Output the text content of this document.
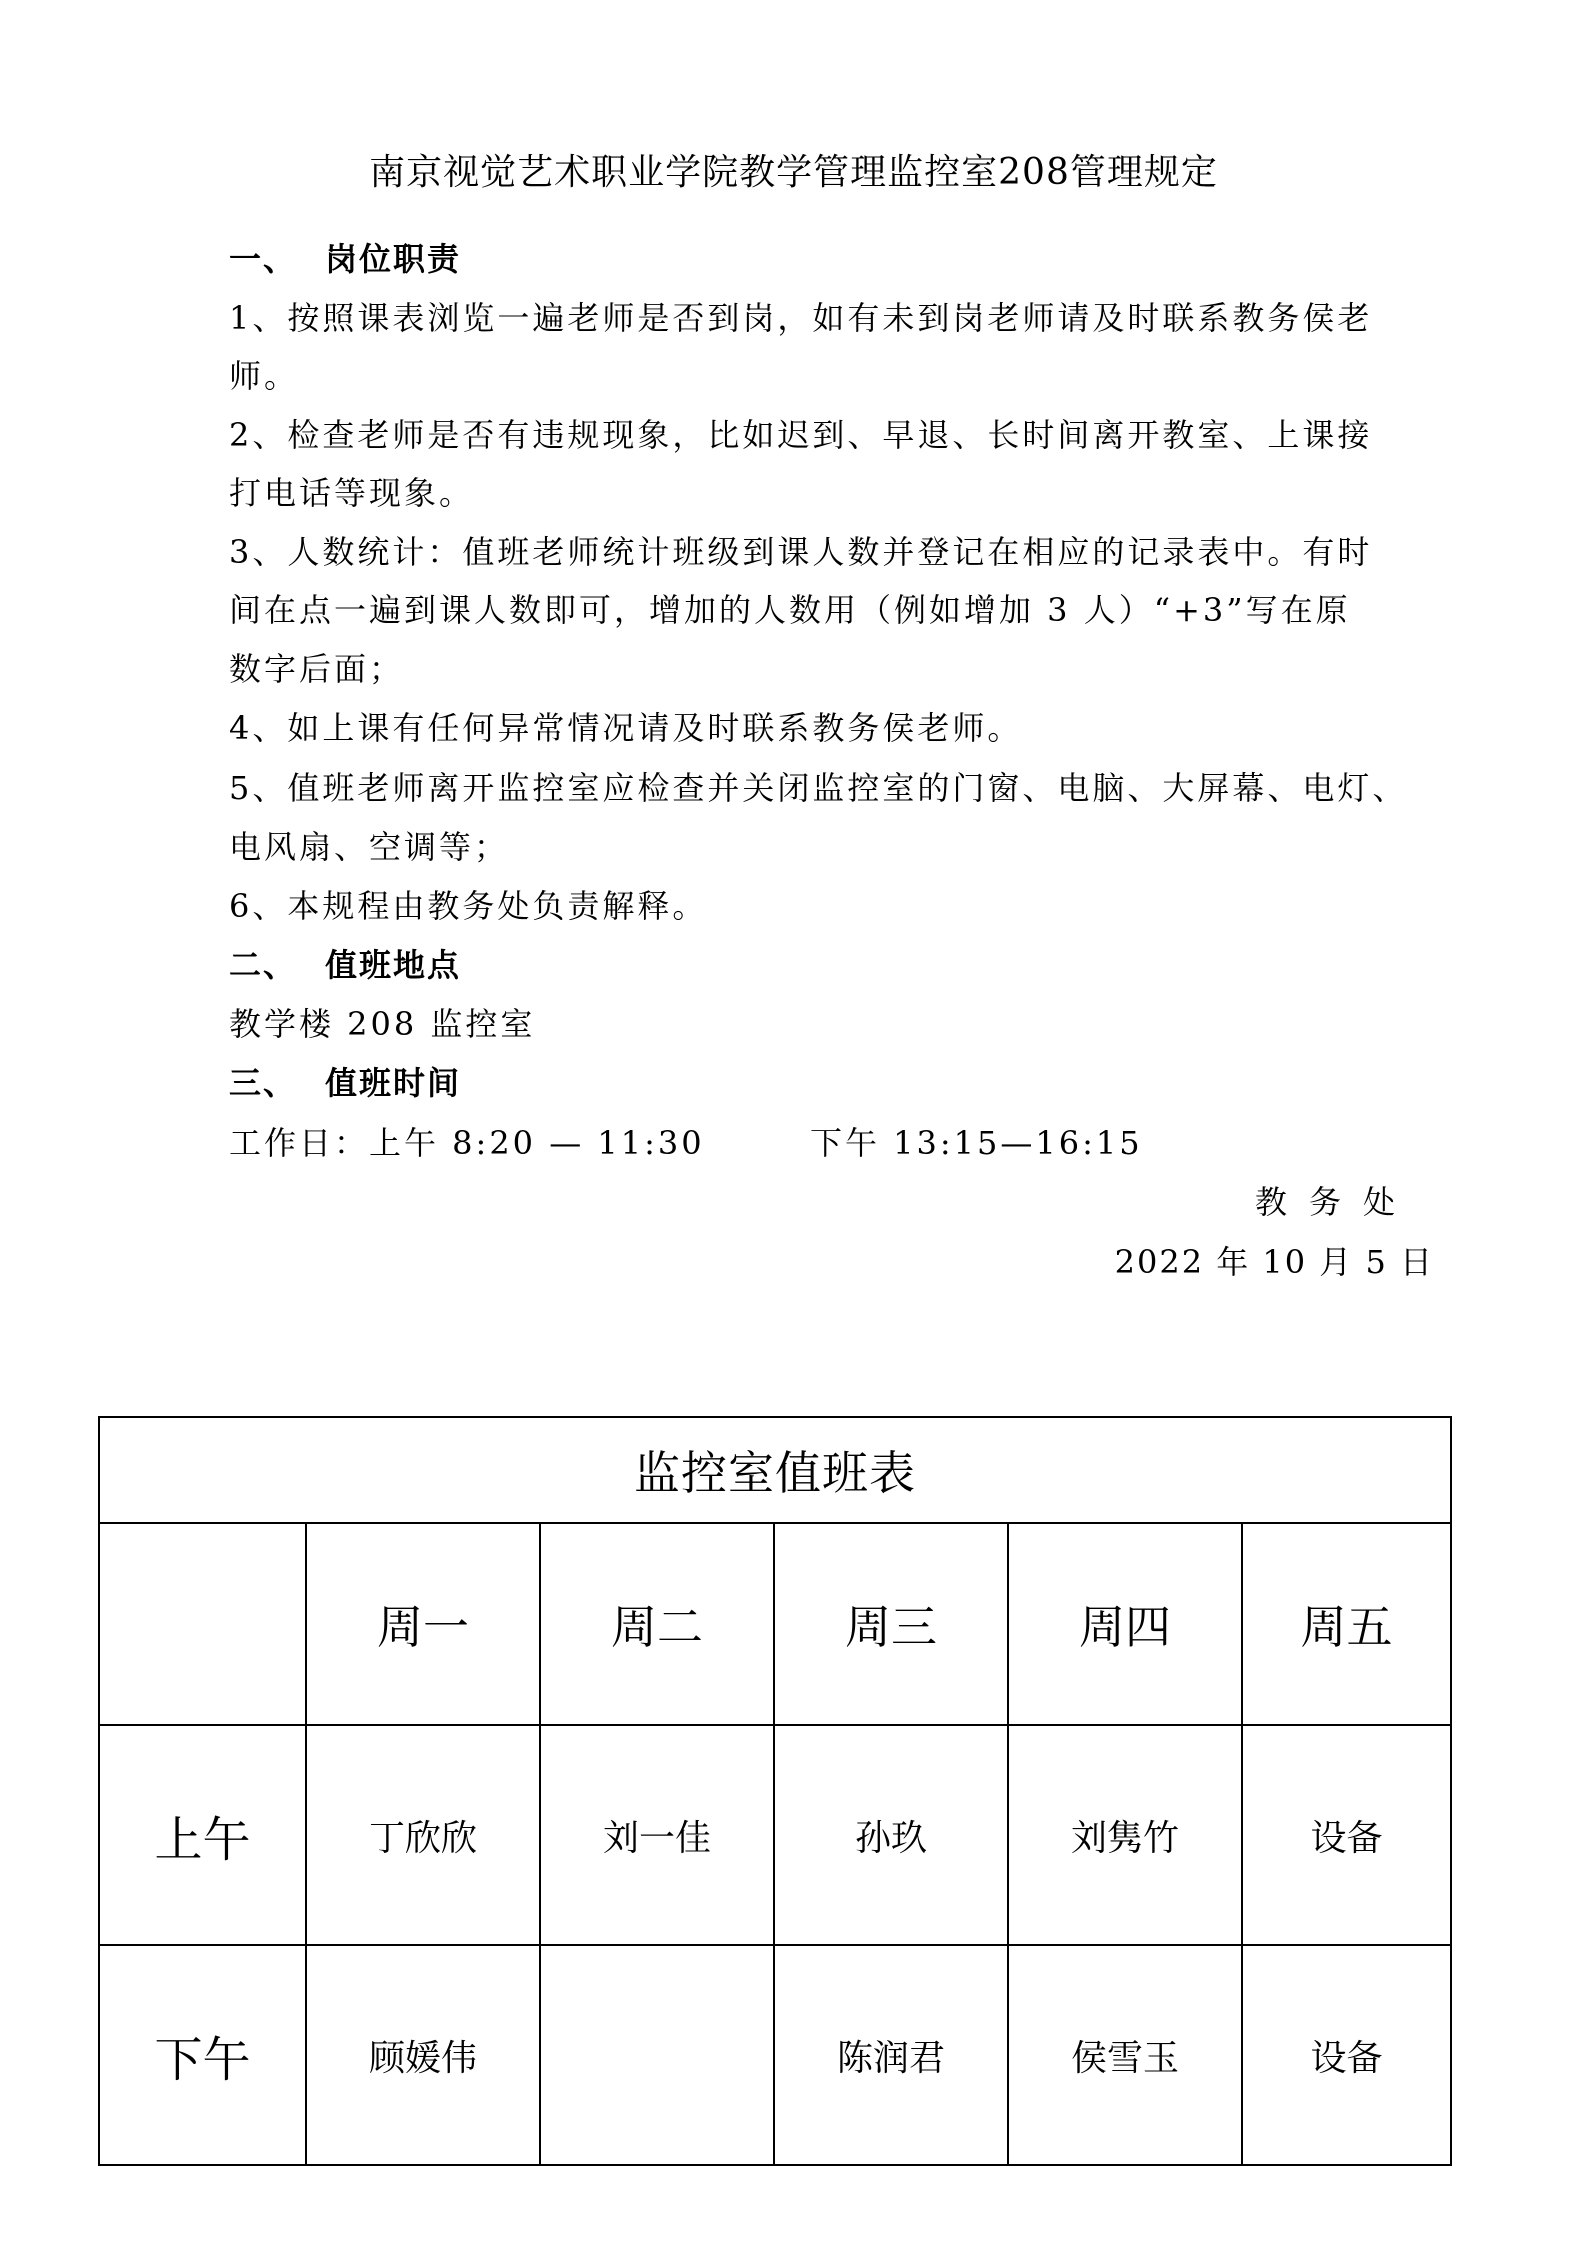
南京视觉艺术职业学院教学管理监控室208管理规定
一、 岗位职责
1、按照课表浏览一遍老师是否到岗，如有未到岗老师请及时联系教务侯老
师。
2、检查老师是否有违规现象，比如迟到、早退、长时间离开教室、上课接
打电话等现象。
3、人数统计：值班老师统计班级到课人数并登记在相应的记录表中。有时
间在点一遍到课人数即可，增加的人数用（例如增加 3 人）“+3”写在原
数字后面；
4、如上课有任何异常情况请及时联系教务侯老师。
5、值班老师离开监控室应检查并关闭监控室的门窗、电脑、大屏幕、电灯、
电风扇、空调等；
6、本规程由教务处负责解释。
二、 值班地点
教学楼 208 监控室
三、 值班时间
工作日：上午 8:20 — 11:30        下午 13:15—16:15
教务处
2022 年 10 月 5 日
监控室值班表					
	周一	周二	周三	周四	周五
上午	丁欣欣	刘一佳	孙玖	刘隽竹	设备
下午	顾媛伟		陈润君	侯雪玉	设备
